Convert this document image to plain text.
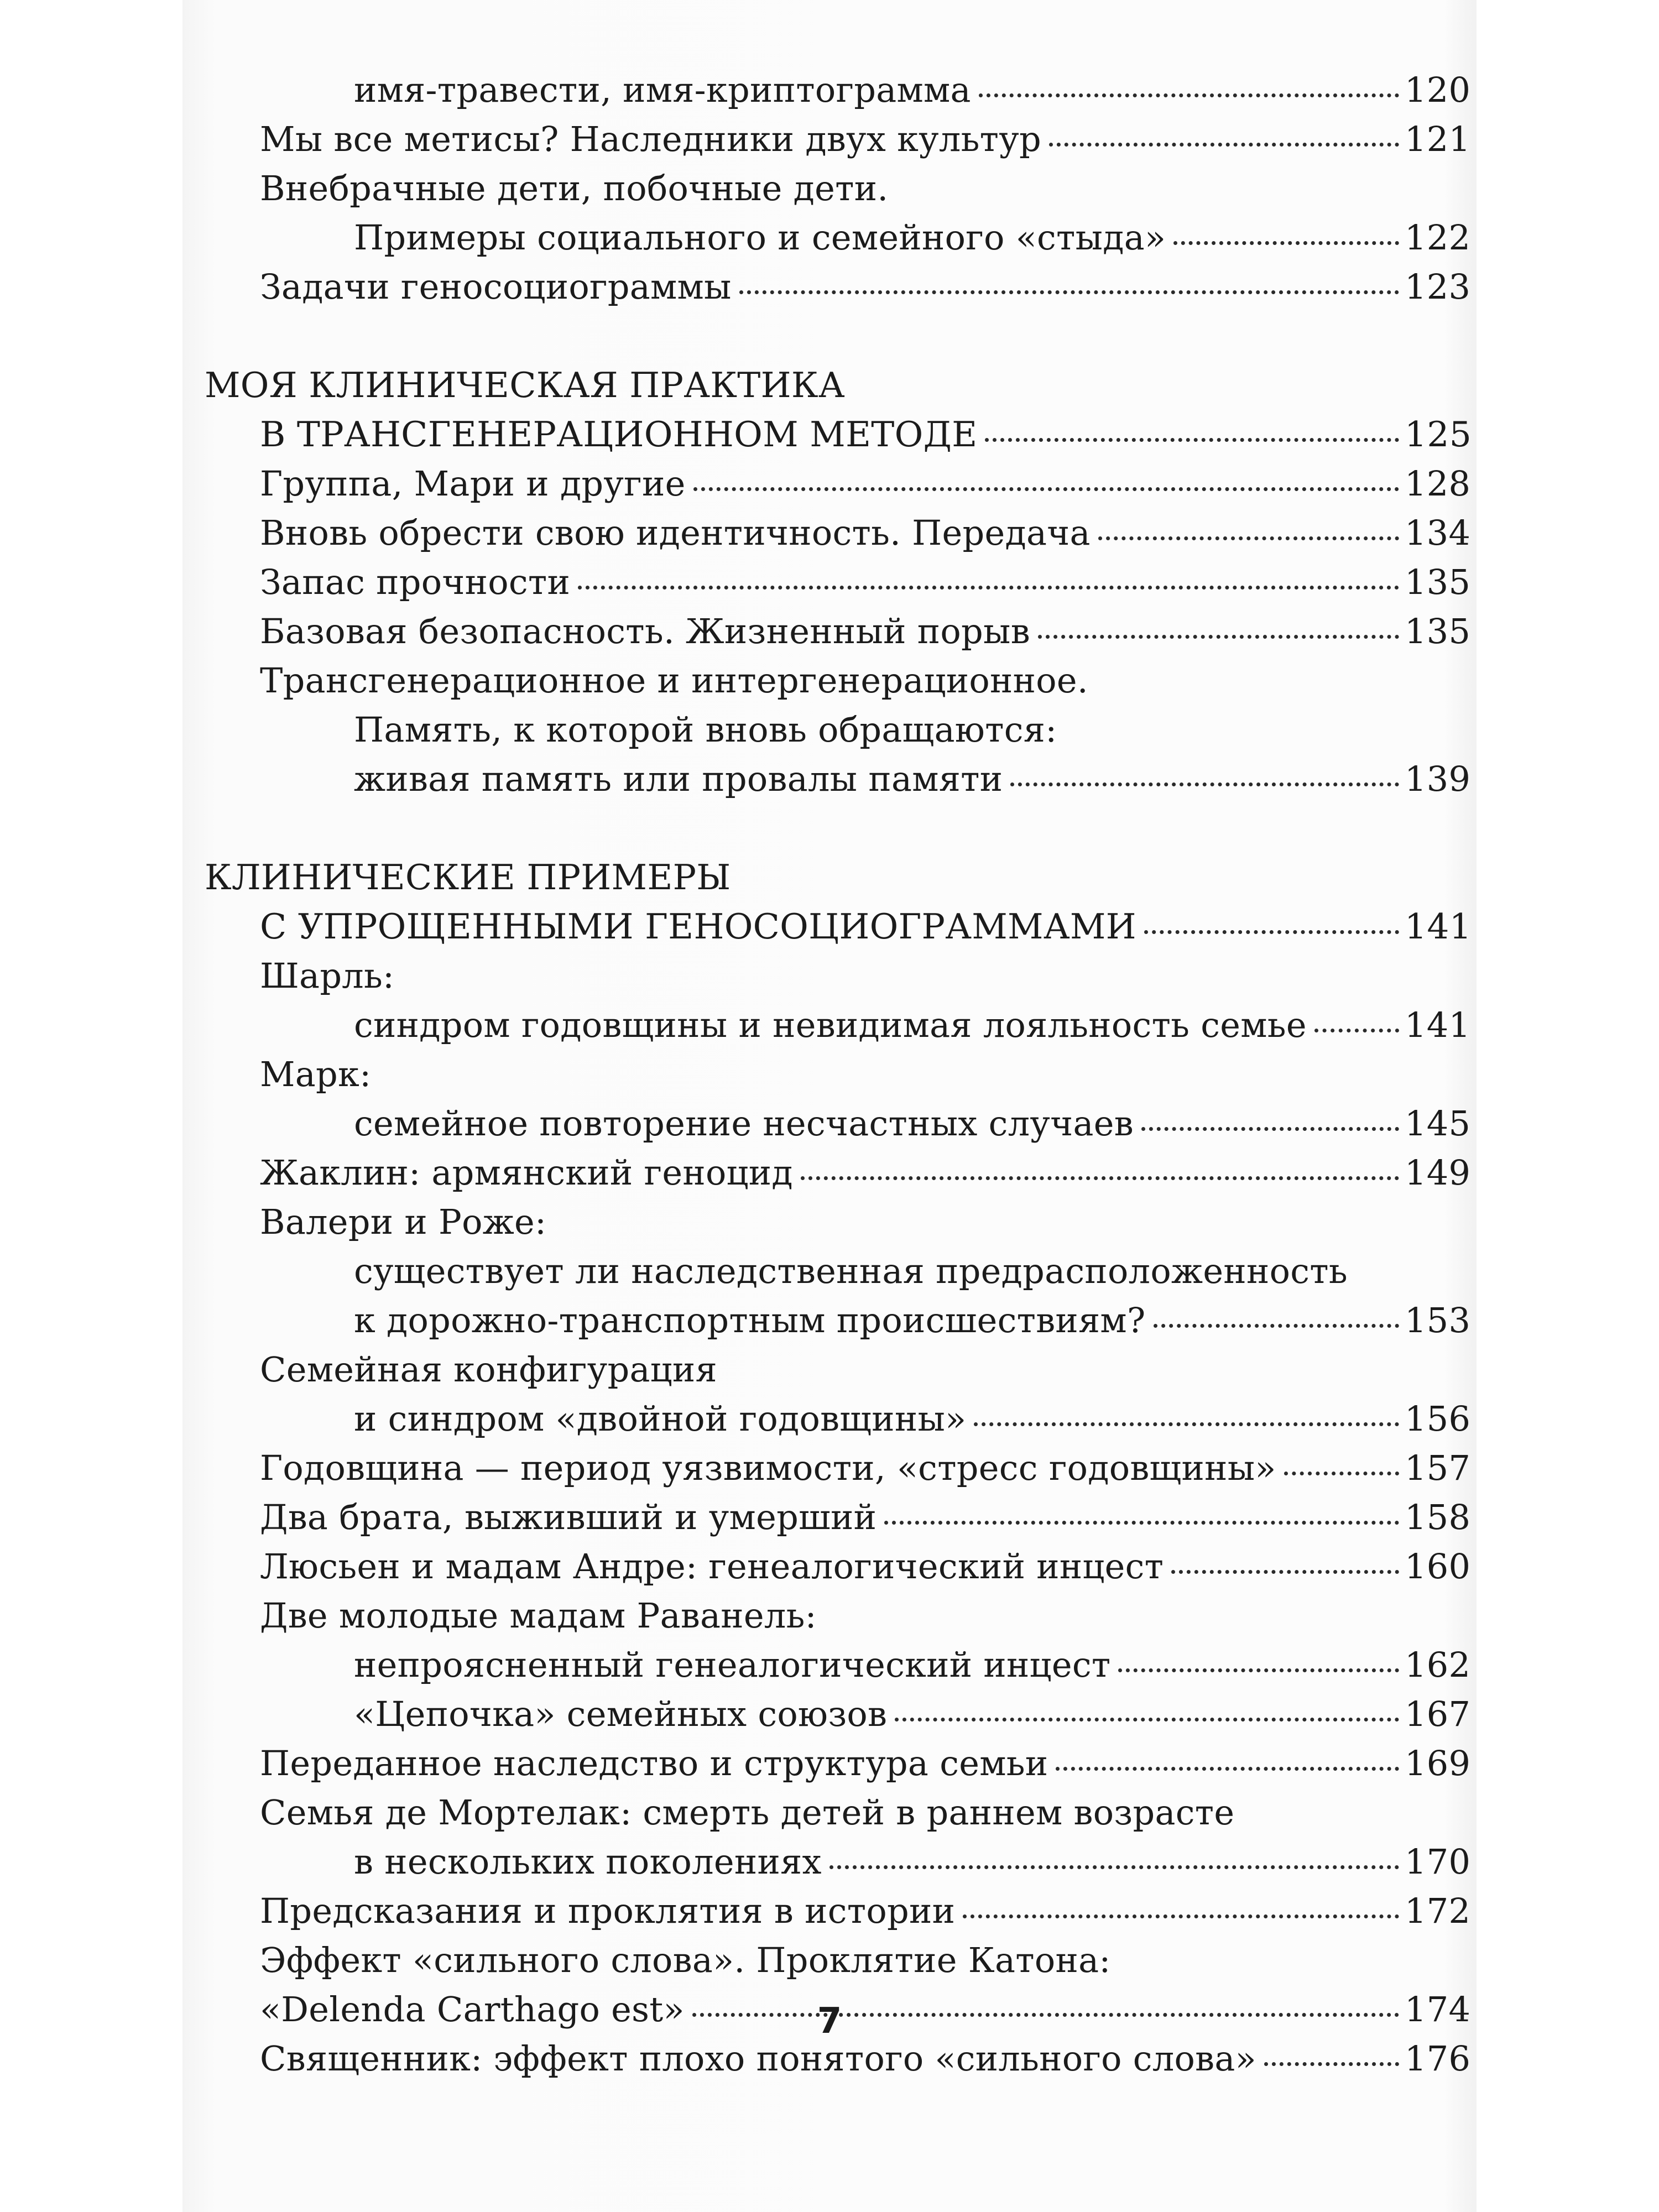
имя-травести, имя-криптограмма	120
Мы все метисы? Наследники двух культур	121
Внебрачные дети, побочные дети.
Примеры социального и семейного «стыда»	122
Задачи геносоциограммы	123
МОЯ КЛИНИЧЕСКАЯ ПРАКТИКА
В ТРАНСГЕНЕРАЦИОННОМ МЕТОДЕ	125
Группа, Мари и другие	128
Вновь обрести свою идентичность. Передача	134
Запас прочности	135
Базовая безопасность. Жизненный порыв	135
Трансгенерационное и интергенерационное.
Память, к которой вновь обращаются:
живая память или провалы памяти	139
КЛИНИЧЕСКИЕ ПРИМЕРЫ
С УПРОЩЕННЫМИ ГЕНОСОЦИОГРАММАМИ	141
Шарль:
синдром годовщины и невидимая лояльность семье	141
Марк:
семейное повторение несчастных случаев	145
Жаклин: армянский геноцид	149
Валери и Роже:
существует ли наследственная предрасположенность
к дорожно-транспортным происшествиям?	153
Семейная конфигурация
и синдром «двойной годовщины»	156
Годовщина — период уязвимости, «стресс годовщины»	157
Два брата, выживший и умерший	158
Люсьен и мадам Андре: генеалогический инцест	160
Две молодые мадам Раванель:
непроясненный генеалогический инцест	162
«Цепочка» семейных союзов	167
Переданное наследство и структура семьи	169
Семья де Мортелак: смерть детей в раннем возрасте
в нескольких поколениях	170
Предсказания и проклятия в истории	172
Эффект «сильного слова». Проклятие Катона:
«Delenda Carthago est»	174
Священник: эффект плохо понятого «сильного слова»	176
7
